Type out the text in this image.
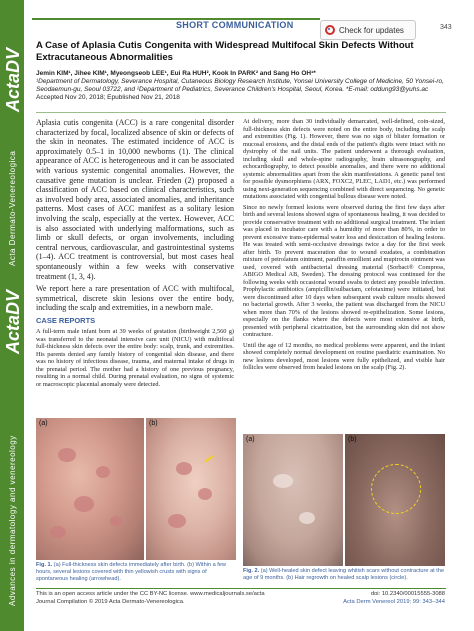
ActaDV
Acta Dermato-Venereologica
ActaDV
Advances in dermatology and venereology
SHORT COMMUNICATION	Check for updates	343
A Case of Aplasia Cutis Congenita with Widespread Multifocal Skin Defects Without Extracutaneous Abnormalities
Jemin KIM¹, Jihee KIM¹, Myeongseob LEE¹, Eui Ra HUH², Kook In PARK² and Sang Ho OH¹*
¹Department of Dermatology, Severance Hospital, Cutaneous Biology Research Institute, Yonsei University College of Medicine, 50 Yonsei-ro, Seodaemun-gu, Seoul 03722, and ²Department of Pediatrics, Severance Children's Hospital, Seoul, Korea. *E-mail: oddung93@yuhs.ac
Accepted Nov 20, 2018; Epublished Nov 21, 2018

Aplasia cutis congenita (ACC) is a rare congenital disorder characterized by focal, localized absence of skin or defects of the skin in neonates. The estimated incidence of ACC is approximately 0.5–1 in 10,000 newborns (1). The clinical appearance of ACC is heterogeneous and it can be associated with various systemic congenital anomalies. However, the causative gene mutation is unclear. Frieden (2) proposed a classification of ACC based on clinical characteristics, such as involved body area, associated anomalies, and inheritance patterns. Most cases of ACC manifest as a solitary lesion involving the scalp, especially at the vertex. However, ACC is also associated with underlying malformations, such as limb or skull defects, or organ involvements, including central nervous, cardiovascular, and gastrointestinal systems (1–4). ACC treatment is controversial, but most cases heal spontaneously within a few weeks with conservative treatment (1, 3, 4).

We report here a rare presentation of ACC with multifocal, symmetrical, discrete skin lesions over the entire body, including the scalp and extremities, in a newborn male.

CASE REPORTS

A full-term male infant born at 39 weeks of gestation (birthweight 2,560 g) was transferred to the neonatal intensive care unit (NICU) with multifocal full-thickness skin defects over the entire body: scalp, trunk, and extremities. His parents denied any family history of congenital skin disease, and there was no history of infectious disease, trauma, and maternal intake of drugs in the prenatal period. The mother had a history of one previous pregnancy, resulting in a normal child. During prenatal evaluation, no signs of systemic or macroscopic placental anomaly were detected.

At delivery, more than 30 individually demarcated, well-defined, coin-sized, full-thickness skin defects were noted on the entire body, including the scalp and extremities (Fig. 1). However, there was no sign of blister formation or mucosal erosions, and the distal ends of the patient's digits were intact with no dystrophy of the nail units. The patient underwent a thorough evaluation, including skull and whole-spine radiography, brain ultrasonography, and echocardiography, to detect possible anomalies, and there were no additional systemic abnormalities apart from the skin manifestations. A genetic panel test for possible dysmorphisms (ARX, FOXC2, PLEC, LAD1, etc.) was performed using next-generation sequencing combined with direct sequencing. No genetic mutations associated with congenital bullous disease were noted.

Since no newly formed lesions were observed during the first few days after birth and several lesions showed signs of spontaneous healing, it was decided to provide conservative treatment with no additional surgical treatment. The infant was placed in incubator care with a humidity of more than 80%, in order to prevent excessive trans-epidermal water loss and desiccation of healing lesions. He was treated with semi-occlusive dressings twice a day for the first week after birth. To prevent maceration due to wound exudates, a combination mixture of petrolatum ointment, paraffin emollient and mupirocin ointment was used, covered with antibacterial dressing material (Sorbact® Compress, ABIGO Medical AB, Sweden). The dressing protocol was continued for the following weeks with occasional wound swabs to detect any possible infection. Prophylactic antibiotics (ampicillin/sulbactam, cefotaxime) were initiated, but were discontinued after 10 days when subsequent swab culture results showed no bacterial growth. After 3 weeks, the patient was discharged from the NICU when more than 70% of the lesions showed re-epithelization. Some lesions, especially on the flanks where the defects were most extensive at birth, presented with peripheral cicatrization, but the surrounding skin did not show contracture.

Until the age of 12 months, no medical problems were apparent, and the infant showed completely normal development on routine paediatric examination. No new lesions developed, most lesions were fully epithelized, and visible hair follicles were observed from healed lesions on the scalp (Fig. 2).

(a)	(b)
Fig. 1. (a) Full-thickness skin defects immediately after birth. (b) Within a few hours, several lesions covered with thin yellowish crusts with signs of spontaneous healing (arrowhead).
(a)	(b)
Fig. 2. (a) Well-healed skin defect leaving whitish scars without contracture at the age of 9 months. (b) Hair regrowth on healed scalp lesions (circle).
This is an open access article under the CC BY-NC license. www.medicaljournals.se/acta
Journal Compilation © 2019 Acta Dermato-Venereologica.
doi: 10.2340/00015555-3088
Acta Derm Venereol 2019; 99: 343–344
